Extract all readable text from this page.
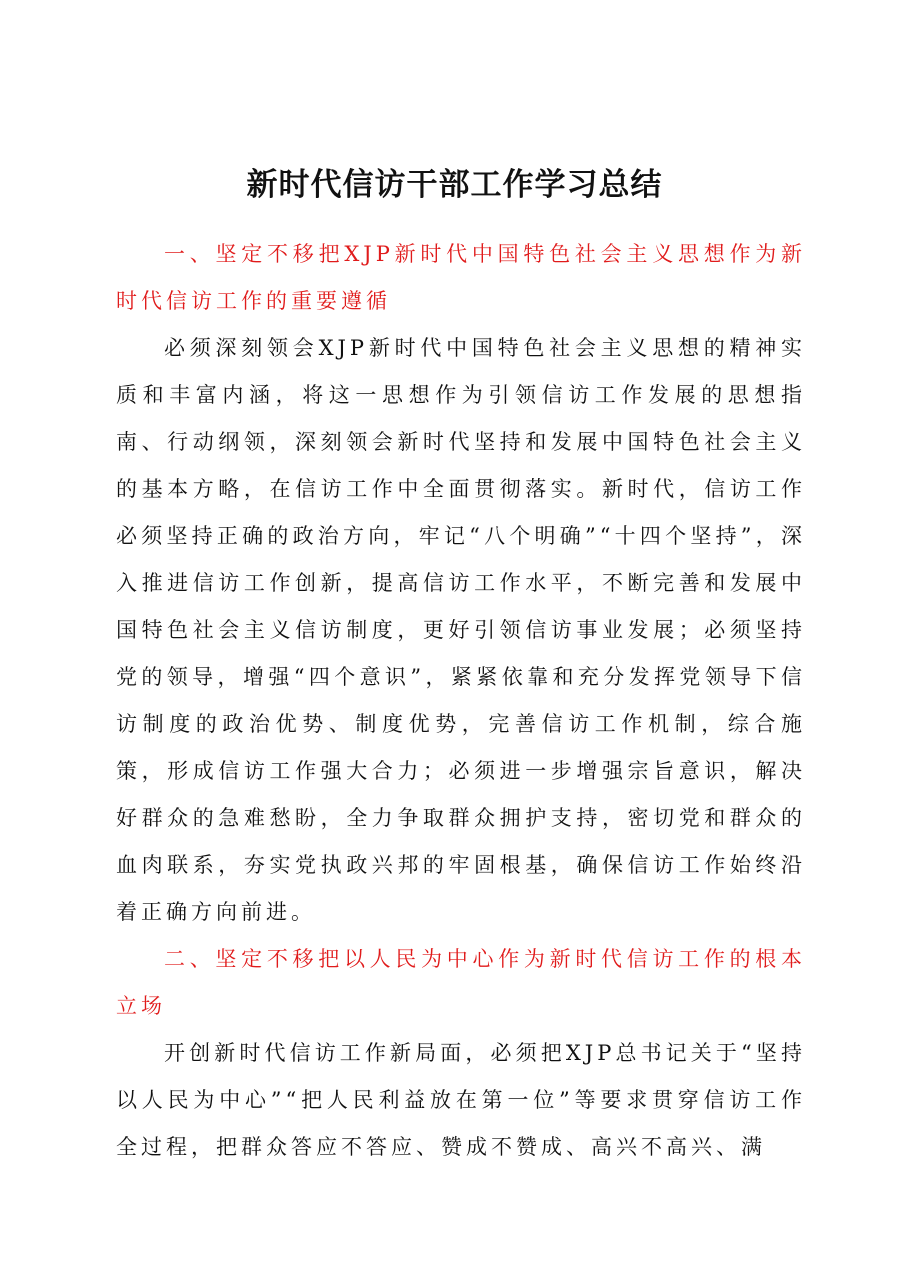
新时代信访干部工作学习总结

一、坚定不移把XJP新时代中国特色社会主义思想作为新时代信访工作的重要遵循

必须深刻领会XJP新时代中国特色社会主义思想的精神实质和丰富内涵，将这一思想作为引领信访工作发展的思想指南、行动纲领，深刻领会新时代坚持和发展中国特色社会主义的基本方略，在信访工作中全面贯彻落实。新时代，信访工作必须坚持正确的政治方向，牢记“八个明确”“十四个坚持”，深入推进信访工作创新，提高信访工作水平，不断完善和发展中国特色社会主义信访制度，更好引领信访事业发展；必须坚持党的领导，增强“四个意识”，紧紧依靠和充分发挥党领导下信访制度的政治优势、制度优势，完善信访工作机制，综合施策，形成信访工作强大合力；必须进一步增强宗旨意识，解决好群众的急难愁盼，全力争取群众拥护支持，密切党和群众的血肉联系，夯实党执政兴邦的牢固根基，确保信访工作始终沿着正确方向前进。

二、坚定不移把以人民为中心作为新时代信访工作的根本立场

开创新时代信访工作新局面，必须把XJP总书记关于“坚持以人民为中心”“把人民利益放在第一位”等要求贯穿信访工作全过程，把群众答应不答应、赞成不赞成、高兴不高兴、满
